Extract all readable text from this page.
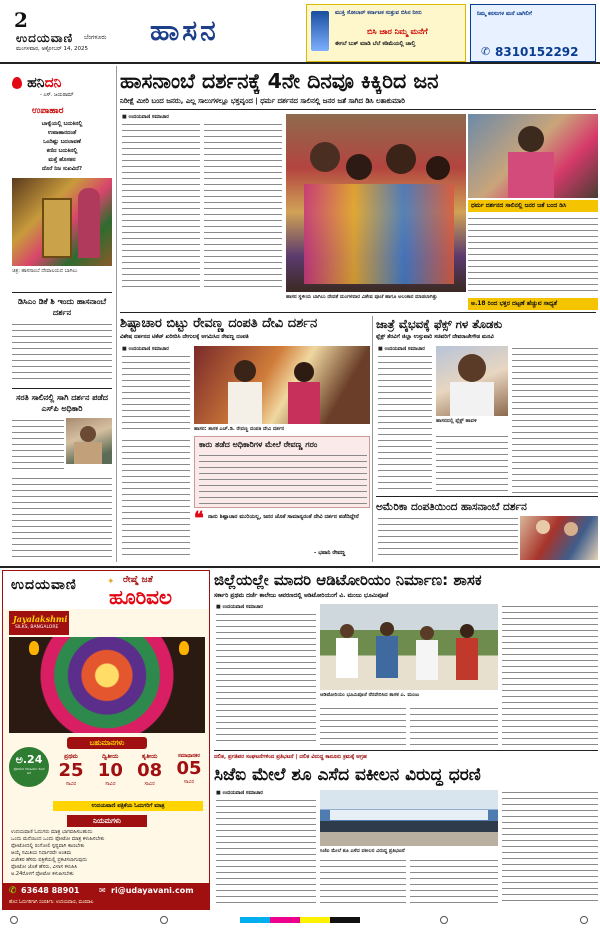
2
ಉದಯವಾಣಿ ಬೆಂಗಳೂರು
ಮಂಗಳವಾರ, ಅಕ್ಟೋಬರ್ 14, 2025
ಹಾಸನ
ಮುಕ್ತಿ ಸೋಲಾರ್ ಕರ್ನಾಟಕ ಸುತ್ತುವ ಬಿಸಿನ ನೀರು
ಬಿಸಿ ಜಾರ ನಿಮ್ಮ ಮನೆಗೆ
ಈಗಲೆ ಬುಕ್ ಮಾಡಿ ಬೆಲೆ ಕಡಿಮೆಯಲ್ಲಿ ಚಾಲ್ತಿ
ನಿಮ್ಮ ಕನಸುಗಳ ಮನೆ ಬಾಗಿಲಿಗೆ
✆ 8310152292
ಹನಿದನಿ
- ಎಸ್. ಜಯರಾಮ್
ಉಪಾಹಾರ
ಬಾಳ್ವೆಯಲ್ಲಿ ಬದುಕಿನಲ್ಲಿ
ಉಪಾಹಾರದಂತೆ
ಒಂದಿಷ್ಟು ಬದಲಾವಣೆ
ಕಣಿದ ಬದುಕಿನಲ್ಲಿ
ಮತ್ತೆ ಹೊಸತನ
ದೊರೆ ನಿಜ ಸುಖವಿದೆ?
ಚಿತ್ರ: ಹಾಸನಾಂಬೆ ದೇವಾಲಯದ ಬಾಗಿಲು
ಡಿಸಿಎಂ ಡಿಕೆ ಶಿ ಇಂದು ಹಾಸನಾಂಬೆ ದರ್ಶನ
ಸರತಿ ಸಾಲಿನಲ್ಲಿ ಸಾಗಿ ದರ್ಶನ ಪಡೆದ ಎಸ್‌ಪಿ ಅಧಿಕಾರಿ
ಹಾಸನಾಂಬೆ ದರ್ಶನಕ್ಕೆ 4ನೇ ದಿನವೂ ಕಿಕ್ಕಿರಿದ ಜನ
ನಿರೀಕ್ಷೆ ಮೀರಿ ಬಂದ ಜನರು, ಎಲ್ಲ ಸಾಲುಗಳಲ್ಲೂ ಭಕ್ತವೃಂದ | ಧರ್ಮ ದರ್ಶನದ ಸಾಲಿನಲ್ಲಿ ಜನರ ಜತೆ ಸಾಗಿದ ಡಿಸಿ ಲತಾಕುಮಾರಿ
■ ಉದಯವಾಣಿ ಸಮಾಚಾರ
ಹಾಸನ ಸ್ಥಳೀಯ ಬಾಗಿಲು ದೇವತೆ ಮಂಗಳವಾರ ವಿಶೇಷ ಪೂಜೆ ಹಾಗೂ ಅಲಂಕಾರ ಮಾಡಲಾಗಿತ್ತು
ಧರ್ಮ ದರ್ಶನದ ಸಾಲಿನಲ್ಲಿ ಜನರ ಜತೆ ಬಂದ ಡಿಸಿ
ಅ.18 ರಿಂದ ಭಕ್ತರ ದಟ್ಟಣೆ ಹೆಚ್ಚುವ ಸಾಧ್ಯತೆ
ಶಿಷ್ಟಾಚಾರ ಬಿಟ್ಟು ರೇವಣ್ಣ ದಂಪತಿ ದೇವಿ ದರ್ಶನ
ವಿಶೇಷ ದರ್ಶನದ ಟಿಕೆಟ್ ಖರೀದಿಸಿ ದೇಗುಲಕ್ಕೆ ಆಗಮಿಸಿದ ರೇವಣ್ಣ ದಂಪತಿ
■ ಉದಯವಾಣಿ ಸಮಾಚಾರ
ಹಾಸನ: ಶಾಸಕ ಎಚ್.ಡಿ. ರೇವಣ್ಣ ದಂಪತಿ ದೇವಿ ದರ್ಶನ
ಕಾರು ತಡೆದ ಅಧಿಕಾರಿಗಳ ಮೇಲೆ ರೇವಣ್ಣ ಗರಂ
❝ ನಾನು ಶಿಷ್ಟಾಚಾರ ಮುರಿಯಲ್ಲ, ಜನರ ಜೊತೆ ಸಾಮಾನ್ಯರಂತೆ ದೇವಿ ದರ್ಶನ ಪಡೆದಿದ್ದೇನೆ
- ಭವಾನಿ ರೇವಣ್ಣ
ಜಾತ್ರೆ ವೈಭವಕ್ಕೆ ಫೆಕ್ಸ್ ಗಳ ತೊಡಕು
ಫ್ಲೆಕ್ಸ್ ತೆರವಿಗೆ ಜಿಲ್ಲಾ ಉಸ್ತುವಾರಿ ಸಚಿವರಿಗೆ ದೇವರಾಜೇಗೌಡ ಮನವಿ
■ ಉದಯವಾಣಿ ಸಮಾಚಾರ
ಹಾಸನದಲ್ಲಿ ಫ್ಲೆಕ್ಸ್ ಹಾವಳಿ
ಅಮೆರಿಕಾ ದಂಪತಿಯಿಂದ ಹಾಸನಾಂಬೆ ದರ್ಶನ
ಉದಯವಾಣಿ	ರೇಷ್ಮೆ ಜತೆ
ಹೂರಿವಲ
✦
Jayalakshmi
SILKS, BANGALORE
ಬಹುಮಾನಗಳು
ಪ್ರಥಮ
25
ಸಾವಿರ
ದ್ವಿತೀಯ
10
ಸಾವಿರ
ತೃತೀಯ
08
ಸಾವಿರ
ಸಮಾಧಾನಕರ
05
ಸಾವಿರ
ಅ.24
ಫೋಟೋ ಕಳುಹಿಸಲು ಕೊನೆ ದಿನ
ಉದಯವಾಣಿ ಪತ್ರಿಕೆಯ ಓದುಗರಿಗೆ ಮಾತ್ರ
ನಿಯಮಗಳು
ಉದಯವಾಣಿ ಓದುಗರು ಮಾತ್ರ ಭಾಗವಹಿಸಬಹುದು
ಒಂದು ಮನೆಯಿಂದ ಒಂದು ಫೋಟೋ ಮಾತ್ರ ಕಳುಹಿಸಬೇಕು
ಫೋಟೋದಲ್ಲಿ ರಂಗೋಲಿ ಸ್ಪಷ್ಟವಾಗಿ ಕಾಣಬೇಕು
ಆಯ್ಕೆ ಸಮಿತಿಯ ನಿರ್ಧಾರವೇ ಅಂತಿಮ
ವಿಜೇತರ ಹೆಸರು ಪತ್ರಿಕೆಯಲ್ಲಿ ಪ್ರಕಟಿಸಲಾಗುವುದು
ಫೋಟೋ ಜೊತೆ ಹೆಸರು, ವಿಳಾಸ ಕಳುಹಿಸಿ
ಅ.24ರೊಳಗೆ ಫೋಟೋ ಕಳುಹಿಸಬೇಕು
✆ 63648 88901 ✉ ri@udayavani.com
ಹೊಸ ಓದುಗರಿಗಾಗಿ ಸಂಪರ್ಕಿಸಿ: ಉದಯವಾಣಿ, ಮಣಿಪಾಲ
ಜಿಲ್ಲೆಯಲ್ಲೇ ಮಾದರಿ ಆಡಿಟೋರಿಯಂ ನಿರ್ಮಾಣ: ಶಾಸಕ
ಸರ್ಕಾರಿ ಪ್ರಥಮ ದರ್ಜೆ ಕಾಲೇಜು ಆವರಣದಲ್ಲಿ ಆಡಿಟೋರಿಯಂಗೆ ವಿ. ಮಂಜು ಭೂಮಿಪೂಜೆ
■ ಉದಯವಾಣಿ ಸಮಾಚಾರ
ಆಡಿಟೋರಿಯಂ ಭೂಮಿಪೂಜೆ ನೆರವೇರಿಸಿದ ಶಾಸಕ ಎ. ಮಂಜು
ದಲಿತ, ಪ್ರಗತಿಪರ ಸಂಘಟನೆಗಳಿಂದ ಪ್ರತಿಭಟನೆ | ದಲಿತ ವಿರುದ್ಧ ಕಾನೂನು ಕ್ರಮಕ್ಕೆ ಆಗ್ರಹ
ಸಿಜೆಐ ಮೇಲೆ ಶೂ ಎಸೆದ ವಕೀಲನ ವಿರುದ್ಧ ಧರಣಿ
■ ಉದಯವಾಣಿ ಸಮಾಚಾರ
ಸಿಜೆಐ ಮೇಲೆ ಶೂ ಎಸೆದ ವಕೀಲರ ವಿರುದ್ಧ ಪ್ರತಿಭಟನೆ
